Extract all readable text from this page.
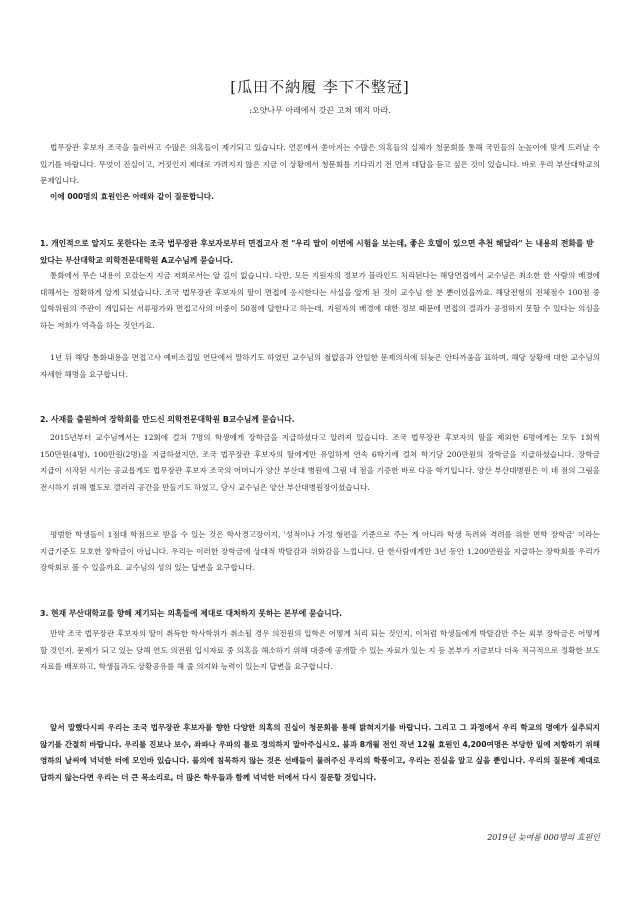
[瓜田不納履 李下不整冠]
:오얏나무 아래에서 갓끈 고쳐 매지 마라.

법무장관 후보자 조국을 둘러싸고 수많은 의혹들이 제기되고 있습니다. 언론에서 쏟아지는 수많은 의혹들의 실체가 청문회를 통해 국민들의 눈높이에 맞게 드러날 수 있기를 바랍니다. 무엇이 진실이고, 거짓인지 제대로 가려지지 않은 지금 이 상황에서 청문회를 기다리기 전 먼저 대답을 듣고 싶은 것이 있습니다. 바로 우리 부산대학교의 문제입니다.

이에 000명의 효원인은 아래와 같이 질문합니다.

1. 개인적으로 알지도 못한다는 조국 법무장관 후보자로부터 면접고사 전 "우리 딸이 이번에 시험을 보는데, 좋은 호텔이 있으면 추천 해달라" 는 내용의 전화를 받았다는 부산대학교 의학전문대학원 A교수님께 묻습니다.

통화에서 무슨 내용이 오갔는지 지금 저희로서는 알 길이 없습니다. 다만, 모든 지원자의 정보가 블라인드 처리된다는 해당면접에서 교수님은 최소한 한 사람의 배경에 대해서는 정확하게 알게 되셨습니다. 조국 법무장관 후보자의 딸이 면접에 응시한다는 사실을 알게 된 것이 교수님 한 분 뿐이었을까요. 해당전형의 전체점수 100점 중 입학위원의 주관이 개입되는 서류평가와 면접고사의 비중이 50점에 달한다고 하는데, 지원자의 배경에 대한 정보 때문에 면접의 결과가 공정하지 못할 수 있다는 의심을 하는 저희가 억측을 하는 것인가요.

1년 뒤 해당 통화내용을 면접고사 예비소집일 연단에서 말하기도 하였던 교수님의 철없음과 안일한 문제의식에 뒤늦은 안타까움을 표하며, 해당 상황에 대한 교수님의 자세한 해명을 요구합니다.

2. 사재를 출원하여 장학회를 만드신 의학전문대학원 B교수님께 묻습니다.

2015년부터 교수님께서는 12회에 걸쳐 7명의 학생에게 장학금을 지급하셨다고 알려져 있습니다. 조국 법무장관 후보자의 딸을 제외한 6명에게는 모두 1회씩 150만원(4명), 100만원(2명)을 지급하셨지만, 조국 법무장관 후보자의 딸에게만 유일하게 연속 6학기에 걸쳐 학기당 200만원의 장학금을 지급하셨습니다. 장학금 지급이 시작된 시기는 공교롭게도 법무장관 후보자 조국의 어머니가 양산 부산대 병원에 그림 네 점을 기증한 바로 다음 학기입니다. 양산 부산대병원은 이 네 점의 그림을 전시하기 위해 별도로 갤러리 공간을 만들기도 하였고, 당시 교수님은 양산 부산대병원장이셨습니다.

평범한 학생들이 1점대 학점으로 받을 수 있는 것은 학사경고장이지, '성적이나 가정 형편을 기준으로 주는 게 아니라 학생 독려와 격려를 위한 면학 장학금' 이라는 지급기준도 모호한 장학금이 아닙니다. 우리는 이러한 장학금에 상대적 박탈감과 위화감을 느낍니다. 단 한사람에게만 3년 동안 1,200만원을 지급하는 장학회를 우리가 장학회로 볼 수 있을까요. 교수님의 성의 있는 답변을 요구합니다.

3. 현재 부산대학교를 향해 제기되는 의혹들에 제대로 대처하지 못하는 본부에 묻습니다.

만약 조국 법무장관 후보자의 딸이 취득한 학사학위가 취소될 경우 의전원의 입학은 어떻게 처리 되는 것인지, 이처럼 학생들에게 박탈감만 주는 외부 장학금은 어떻게 할 것인지, 문제가 되고 있는 당해 연도 의전원 입시자료 중 의혹을 해소하기 위해 대중에 공개할 수 있는 자료가 있는 지 등 본부가 지금보다 더욱 적극적으로 정확한 보도 자료를 배포하고, 학생들과도 상황공유를 해 줄 의지와 능력이 있는지 답변을 요구합니다.

앞서 말했다시피 우리는 조국 법무장관 후보자를 향한 다양한 의혹의 진실이 청문회를 통해 밝혀지기를 바랍니다. 그리고 그 과정에서 우리 학교의 명예가 실추되지 않기를 간절히 바랍니다. 우리를 진보나 보수, 좌파나 우파의 틀로 정의하지 말아주십시오. 불과 8개월 전인 작년 12월 효원인 4,200여명은 부당한 일에 저항하기 위해 영하의 날씨에 넉넉한 터에 모인바 있습니다. 불의에 침묵하지 않는 것은 선배들이 물려주신 우리의 학풍이고, 우리는 진실을 알고 싶을 뿐입니다. 우리의 질문에 제대로 답하지 않는다면 우리는 더 큰 목소리로, 더 많은 학우들과 함께 넉넉한 터에서 다시 질문할 것입니다.

2019년 늦여름 000명의 효원인
